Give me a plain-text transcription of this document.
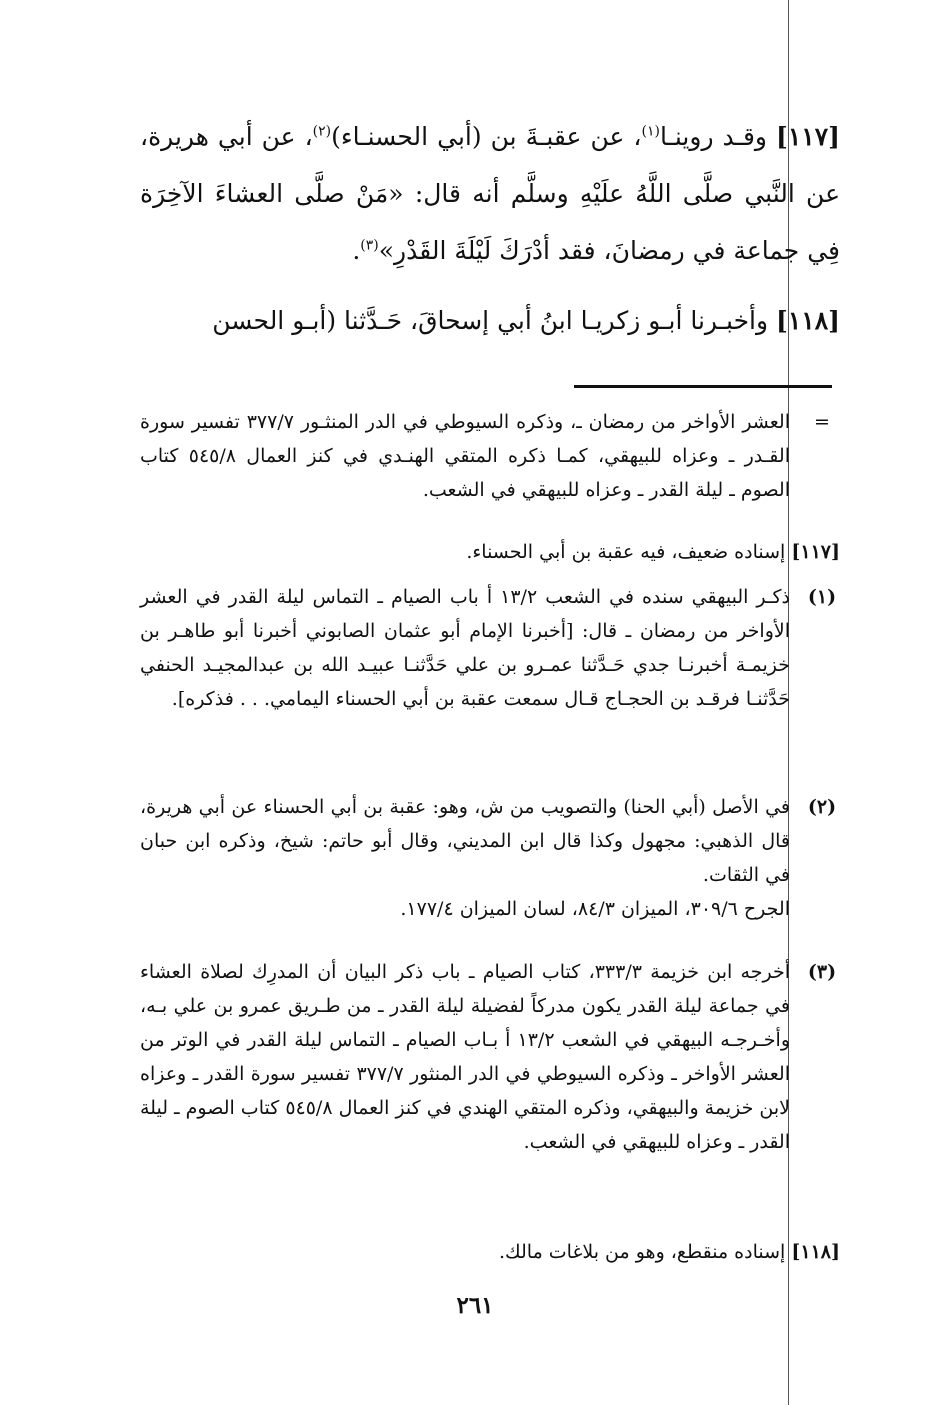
[١١٧] وقـد روينـا$^{(١)}$، عن عقبـةَ بن (أبي الحسنـاء)$^{(٢)}$، عن أبي هريرة، عن النَّبي صلَّى اللَّهُ علَيْهِ وسلَّم أنه قال: «مَنْ صلَّى العشاءَ الآخِرَة فِي جماعة في رمضانَ، فقد أدْرَكَ لَيْلَةَ القَدْرِ»$^{(٣)}$.
[١١٨] وأخبـرنا أبـو زكريـا ابنُ أبي إسحاقَ، حَـدَّثنا (أبـو الحسن
=
العشر الأواخر من رمضان ـ، وذكره السيوطي في الدر المنثـور ٣٧٧/٧ تفسير سورة القـدر ـ وعزاه للبيهقي، كمـا ذكره المتقي الهنـدي في كنز العمال ٥٤٥/٨ كتاب الصوم ـ ليلة القدر ـ وعزاه للبيهقي في الشعب.
[١١٧] إسناده ضعيف، فيه عقبة بن أبي الحسناء.
(١)
ذكـر البيهقي سنده في الشعب ١٣/٢ أ باب الصيام ـ التماس ليلة القدر في العشر الأواخر من رمضان ـ قال: [أخبرنا الإمام أبو عثمان الصابوني أخبرنا أبو طاهـر بن خزيمـة أخبرنـا جدي حَـدَّثنا عمـرو بن علي حَدَّثنـا عبيـد الله بن عبدالمجيـد الحنفي حَدَّثنـا فرقـد بن الحجـاج قـال سمعت عقبة بن أبي الحسناء اليمامي. . . فذكره].
(٢)
في الأصل (أبي الحنا) والتصويب من ش، وهو: عقبة بن أبي الحسناء عن أبي هريرة، قال الذهبي: مجهول وكذا قال ابن المديني، وقال أبو حاتم: شيخ، وذكره ابن حبان في الثقات.
الجرح ٣٠٩/٦، الميزان ٨٤/٣، لسان الميزان ١٧٧/٤.
(٣)
أخرجه ابن خزيمة ٣٣٣/٣، كتاب الصيام ـ باب ذكر البيان أن المدرِك لصلاة العشاء في جماعة ليلة القدر يكون مدركاً لفضيلة ليلة القدر ـ من طـريق عمرو بن علي بـه، وأخـرجـه البيهقي في الشعب ١٣/٢ أ بـاب الصيام ـ التماس ليلة القدر في الوتر من العشر الأواخر ـ وذكره السيوطي في الدر المنثور ٣٧٧/٧ تفسير سورة القدر ـ وعزاه لابن خزيمة والبيهقي، وذكره المتقي الهندي في كنز العمال ٥٤٥/٨ كتاب الصوم ـ ليلة القدر ـ وعزاه للبيهقي في الشعب.
[١١٨] إسناده منقطع، وهو من بلاغات مالك.
٢٦١
